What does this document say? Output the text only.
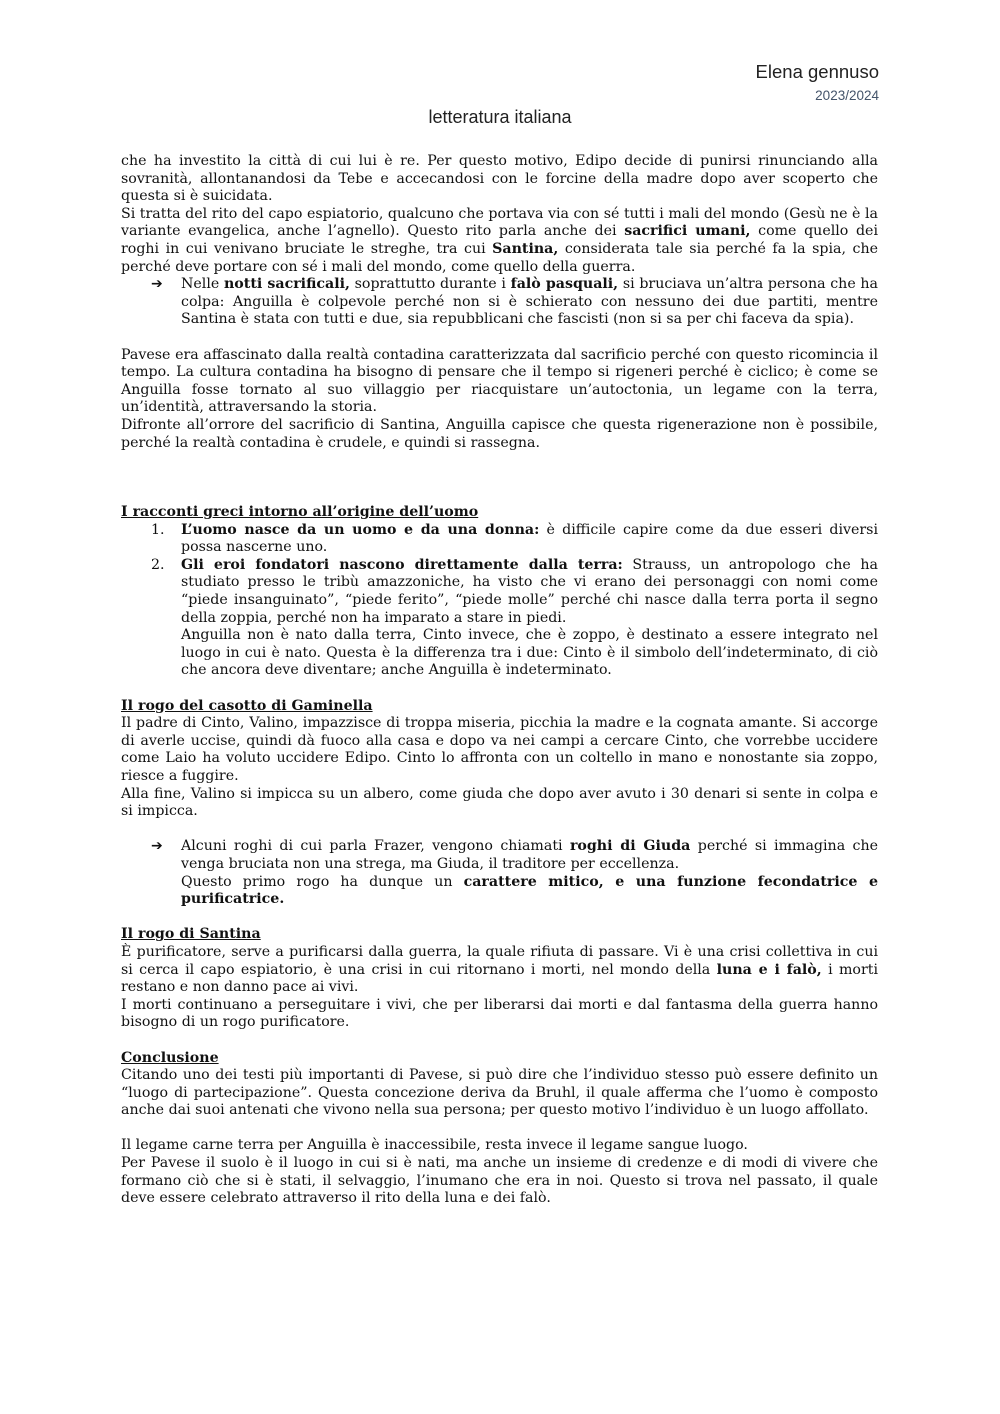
Elena gennuso
2023/2024
letteratura italiana

che ha investito la città di cui lui è re. Per questo motivo, Edipo decide di punirsi rinunciando alla sovranità, allontanandosi da Tebe e accecandosi con le forcine della madre dopo aver scoperto che questa si è suicidata.

Si tratta del rito del capo espiatorio, qualcuno che portava via con sé tutti i mali del mondo (Gesù ne è la variante evangelica, anche l’agnello). Questo rito parla anche dei sacrifici umani, come quello dei roghi in cui venivano bruciate le streghe, tra cui Santina, considerata tale sia perché fa la spia, che perché deve portare con sé i mali del mondo, come quello della guerra.

➔	Nelle notti sacrificali, soprattutto durante i falò pasquali, si bruciava un’altra persona che ha colpa: Anguilla è colpevole perché non si è schierato con nessuno dei due partiti, mentre Santina è stata con tutti e due, sia repubblicani che fascisti (non si sa per chi faceva da spia).

Pavese era affascinato dalla realtà contadina caratterizzata dal sacrificio perché con questo ricomincia il tempo. La cultura contadina ha bisogno di pensare che il tempo si rigeneri perché è ciclico; è come se Anguilla fosse tornato al suo villaggio per riacquistare un’autoctonia, un legame con la terra, un’identità, attraversando la storia.

Difronte all’orrore del sacrificio di Santina, Anguilla capisce che questa rigenerazione non è possibile, perché la realtà contadina è crudele, e quindi si rassegna.

I racconti greci intorno all’origine dell’uomo

1.	L’uomo nasce da un uomo e da una donna: è difficile capire come da due esseri diversi possa nascerne uno.
2.	Gli eroi fondatori nascono direttamente dalla terra: Strauss, un antropologo che ha studiato presso le tribù amazzoniche, ha visto che vi erano dei personaggi con nomi come “piede insanguinato”, “piede ferito”, “piede molle” perché chi nasce dalla terra porta il segno della zoppia, perché non ha imparato a stare in piedi.
Anguilla non è nato dalla terra, Cinto invece, che è zoppo, è destinato a essere integrato nel luogo in cui è nato. Questa è la differenza tra i due: Cinto è il simbolo dell’indeterminato, di ciò che ancora deve diventare; anche Anguilla è indeterminato.

Il rogo del casotto di Gaminella

Il padre di Cinto, Valino, impazzisce di troppa miseria, picchia la madre e la cognata amante. Si accorge di averle uccise, quindi dà fuoco alla casa e dopo va nei campi a cercare Cinto, che vorrebbe uccidere come Laio ha voluto uccidere Edipo. Cinto lo affronta con un coltello in mano e nonostante sia zoppo, riesce a fuggire.

Alla fine, Valino si impicca su un albero, come giuda che dopo aver avuto i 30 denari si sente in colpa e si impicca.

➔	Alcuni roghi di cui parla Frazer, vengono chiamati roghi di Giuda perché si immagina che venga bruciata non una strega, ma Giuda, il traditore per eccellenza.
Questo primo rogo ha dunque un carattere mitico, e una funzione fecondatrice e purificatrice.

Il rogo di Santina

È purificatore, serve a purificarsi dalla guerra, la quale rifiuta di passare. Vi è una crisi collettiva in cui si cerca il capo espiatorio, è una crisi in cui ritornano i morti, nel mondo della luna e i falò, i morti restano e non danno pace ai vivi.

I morti continuano a perseguitare i vivi, che per liberarsi dai morti e dal fantasma della guerra hanno bisogno di un rogo purificatore.

Conclusione

Citando uno dei testi più importanti di Pavese, si può dire che l’individuo stesso può essere definito un “luogo di partecipazione”. Questa concezione deriva da Bruhl, il quale afferma che l’uomo è composto anche dai suoi antenati che vivono nella sua persona; per questo motivo l’individuo è un luogo affollato.

Il legame carne terra per Anguilla è inaccessibile, resta invece il legame sangue luogo.

Per Pavese il suolo è il luogo in cui si è nati, ma anche un insieme di credenze e di modi di vivere che formano ciò che si è stati, il selvaggio, l’inumano che era in noi. Questo si trova nel passato, il quale deve essere celebrato attraverso il rito della luna e dei falò.
